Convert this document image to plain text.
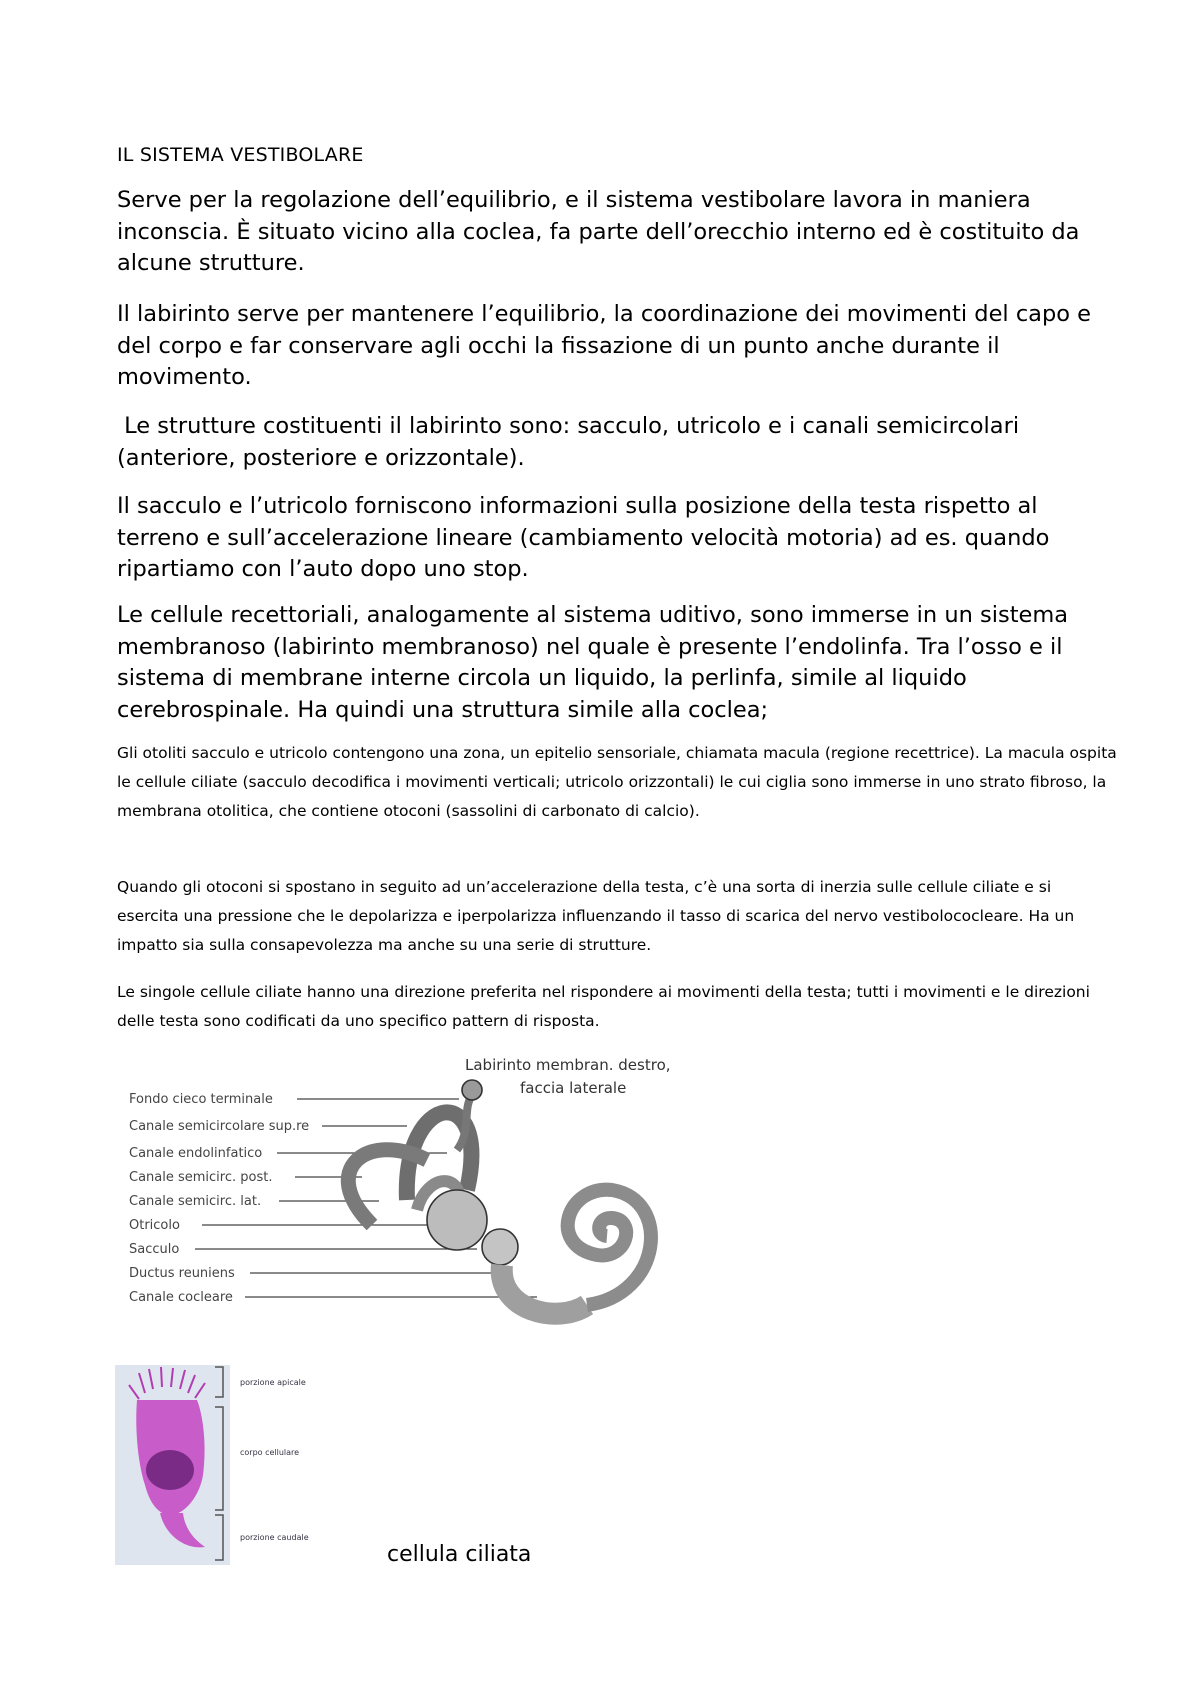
IL SISTEMA VESTIBOLARE

Serve per la regolazione dell’equilibrio, e il sistema vestibolare lavora in maniera inconscia. È situato vicino alla coclea, fa parte dell’orecchio interno ed è costituito da alcune strutture.

Il labirinto serve per mantenere l’equilibrio, la coordinazione dei movimenti del capo e del corpo e far conservare agli occhi la fissazione di un punto anche durante il movimento.

Le strutture costituenti il labirinto sono: sacculo, utricolo e i canali semicircolari (anteriore, posteriore e orizzontale).

Il sacculo e l’utricolo forniscono informazioni sulla posizione della testa rispetto al terreno e sull’accelerazione lineare (cambiamento velocità motoria) ad es. quando ripartiamo con l’auto dopo uno stop.

Le cellule recettoriali, analogamente al sistema uditivo, sono immerse in un sistema membranoso (labirinto membranoso) nel quale è presente l’endolinfa. Tra l’osso e il sistema di membrane interne circola un liquido, la perlinfa, simile al liquido cerebrospinale. Ha quindi una struttura simile alla coclea;

Gli otoliti sacculo e utricolo contengono una zona, un epitelio sensoriale, chiamata macula (regione recettrice). La macula ospita le cellule ciliate (sacculo decodifica i movimenti verticali; utricolo orizzontali) le cui ciglia sono immerse in uno strato fibroso, la membrana otolitica, che contiene otoconi (sassolini di carbonato di calcio).

Quando gli otoconi si spostano in seguito ad un’accelerazione della testa, c’è una sorta di inerzia sulle cellule ciliate e si esercita una pressione che le depolarizza e iperpolarizza influenzando il tasso di scarica del nervo vestibolococleare. Ha un impatto sia sulla consapevolezza ma anche su una serie di strutture.

Le singole cellule ciliate hanno una direzione preferita nel rispondere ai movimenti della testa; tutti i movimenti e le direzioni delle testa sono codificati da uno specifico pattern di risposta.

Labirinto membran. destro,
faccia laterale
Fondo cieco terminale
Canale semicircolare sup.re
Canale endolinfatico
Canale semicirc. post.
Canale semicirc. lat.
Otricolo
Sacculo
Ductus reuniens
Canale cocleare
porzione apicale
corpo cellulare
porzione caudale
cellula ciliata
